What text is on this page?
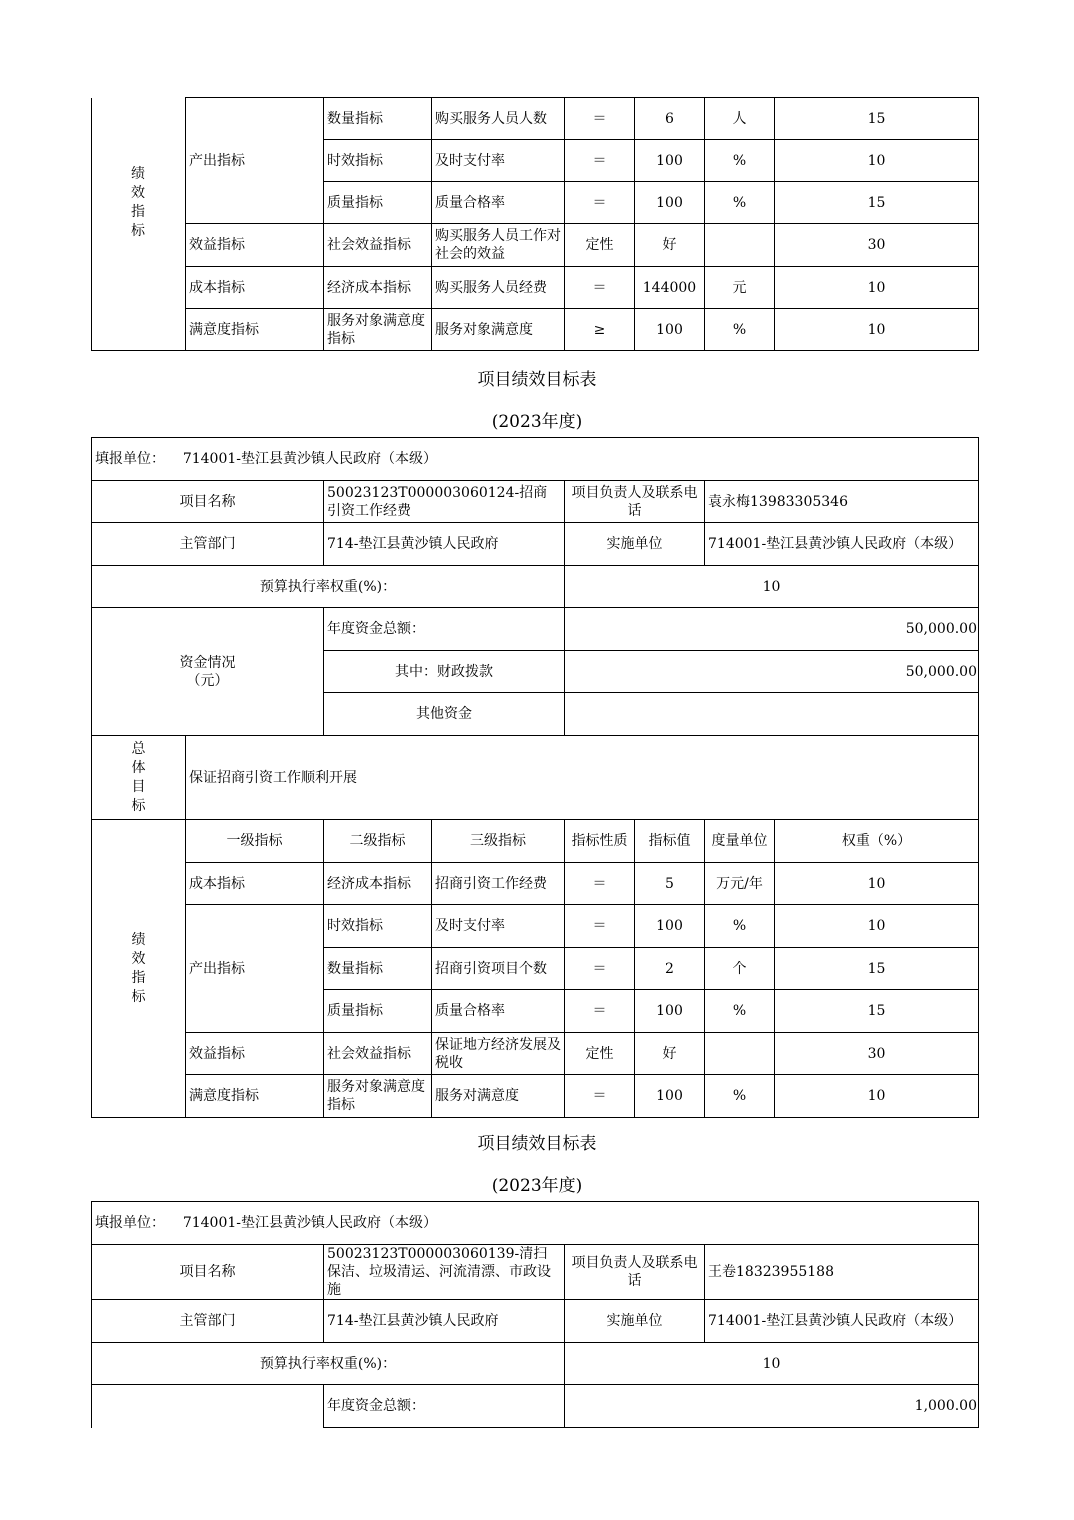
	产出指标	数量指标	购买服务人员人数	＝	6	人	15
		时效指标	及时支付率	＝	100	%	10
		质量指标	质量合格率	＝	100	%	15
	效益指标	社会效益指标	购买服务人员工作对社会的效益	定性	好		30
	成本指标	经济成本指标	购买服务人员经费	＝	144000	元	10
	满意度指标	服务对象满意度指标	服务对象满意度	≥	100	%	10
绩
效
指
标
项目绩效目标表
(2023年度)
填报单位： 714001-垫江县黄沙镇人民政府（本级）							
项目名称		50023123T000003060124-招商引资工作经费		项目负责人及联系电话		袁永梅13983305346	
主管部门		714-垫江县黄沙镇人民政府		实施单位		714001-垫江县黄沙镇人民政府（本级）	
预算执行率权重(%)：				10			

资金情况
（元）		年度资金总额：		50,000.00			
		其中：财政拨款		50,000.00			
		其他资金					

总
体
目
标	保证招商引资工作顺利开展						

绩
效
指
标	一级指标	二级指标	三级指标	指标性质	指标值	度量单位	权重（%）
	成本指标	经济成本指标	招商引资工作经费	＝	5	万元/年	10
	产出指标	时效指标	及时支付率	＝	100	%	10
		数量指标	招商引资项目个数	＝	2	个	15
		质量指标	质量合格率	＝	100	%	15
	效益指标	社会效益指标	保证地方经济发展及税收	定性	好		30
	满意度指标	服务对象满意度指标	服务对满意度	＝	100	%	10
项目绩效目标表
(2023年度)
填报单位： 714001-垫江县黄沙镇人民政府（本级）			
项目名称	50023123T000003060139-清扫保洁、垃圾清运、河流清漂、市政设施	项目负责人及联系电话	王卷18323955188
主管部门	714-垫江县黄沙镇人民政府	实施单位	714001-垫江县黄沙镇人民政府（本级）
预算执行率权重(%)：		10	
	年度资金总额：	1,000.00	
